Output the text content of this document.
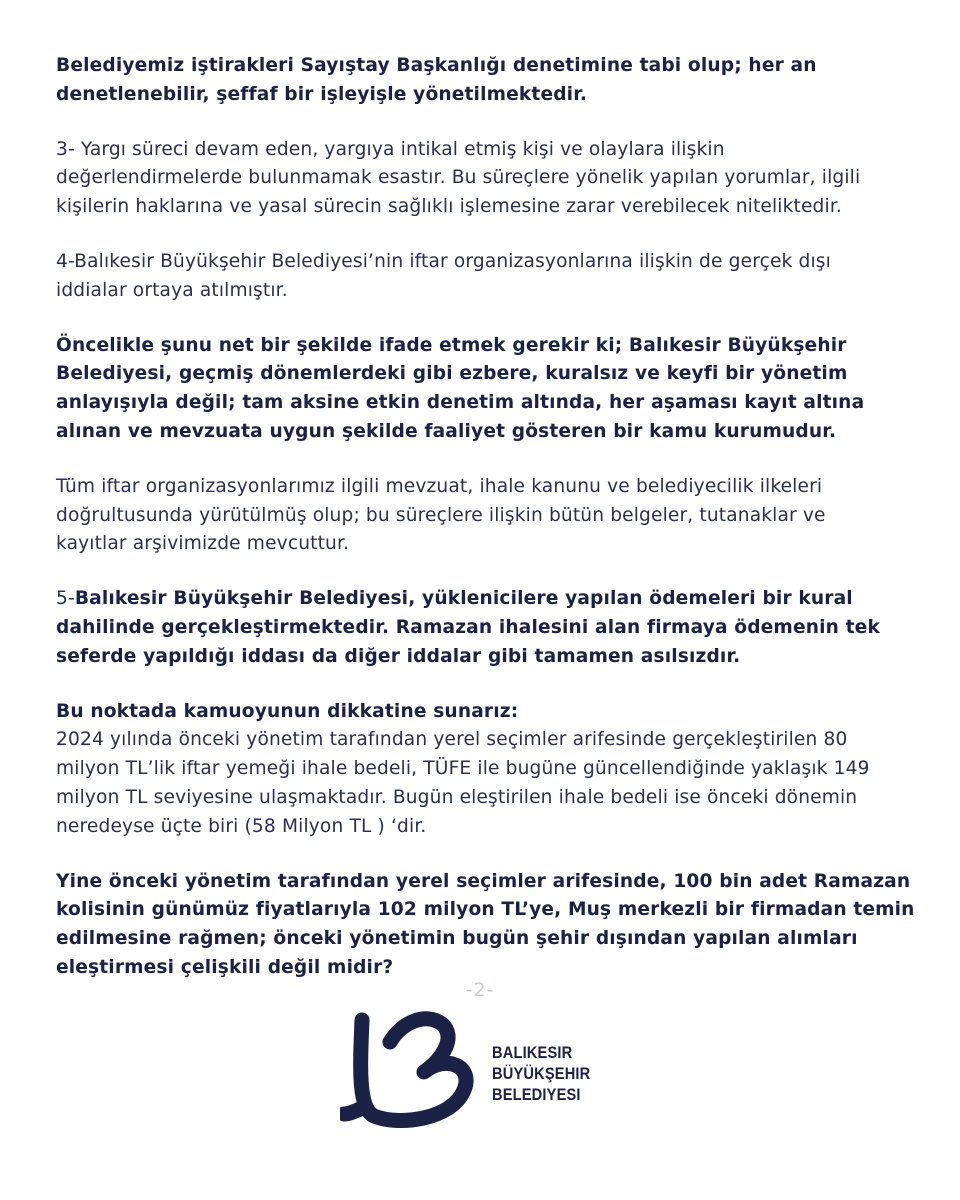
Belediyemiz iştirakleri Sayıştay Başkanlığı denetimine tabi olup; her an
denetlenebilir, şeffaf bir işleyişle yönetilmektedir.

3- Yargı süreci devam eden, yargıya intikal etmiş kişi ve olaylara ilişkin
değerlendirmelerde bulunmamak esastır. Bu süreçlere yönelik yapılan yorumlar, ilgili
kişilerin haklarına ve yasal sürecin sağlıklı işlemesine zarar verebilecek niteliktedir.

4-Balıkesir Büyükşehir Belediyesi’nin iftar organizasyonlarına ilişkin de gerçek dışı
iddialar ortaya atılmıştır.

Öncelikle şunu net bir şekilde ifade etmek gerekir ki; Balıkesir Büyükşehir
Belediyesi, geçmiş dönemlerdeki gibi ezbere, kuralsız ve keyfi bir yönetim
anlayışıyla değil; tam aksine etkin denetim altında, her aşaması kayıt altına
alınan ve mevzuata uygun şekilde faaliyet gösteren bir kamu kurumudur.

Tüm iftar organizasyonlarımız ilgili mevzuat, ihale kanunu ve belediyecilik ilkeleri
doğrultusunda yürütülmüş olup; bu süreçlere ilişkin bütün belgeler, tutanaklar ve
kayıtlar arşivimizde mevcuttur.

5-Balıkesir Büyükşehir Belediyesi, yüklenicilere yapılan ödemeleri bir kural
dahilinde gerçekleştirmektedir. Ramazan ihalesini alan firmaya ödemenin tek
seferde yapıldığı iddası da diğer iddalar gibi tamamen asılsızdır.

Bu noktada kamuoyunun dikkatine sunarız:
2024 yılında önceki yönetim tarafından yerel seçimler arifesinde gerçekleştirilen 80
milyon TL’lik iftar yemeği ihale bedeli, TÜFE ile bugüne güncellendiğinde yaklaşık 149
milyon TL seviyesine ulaşmaktadır. Bugün eleştirilen ihale bedeli ise önceki dönemin
neredeyse üçte biri (58 Milyon TL ) ‘dir.

Yine önceki yönetim tarafından yerel seçimler arifesinde, 100 bin adet Ramazan
kolisinin günümüz fiyatlarıyla 102 milyon TL’ye, Muş merkezli bir firmadan temin
edilmesine rağmen; önceki yönetimin bugün şehir dışından yapılan alımları
eleştirmesi çelişkili değil midir?

-2-
BALIKESIR
BÜYÜKŞEHIR
BELEDIYESI
